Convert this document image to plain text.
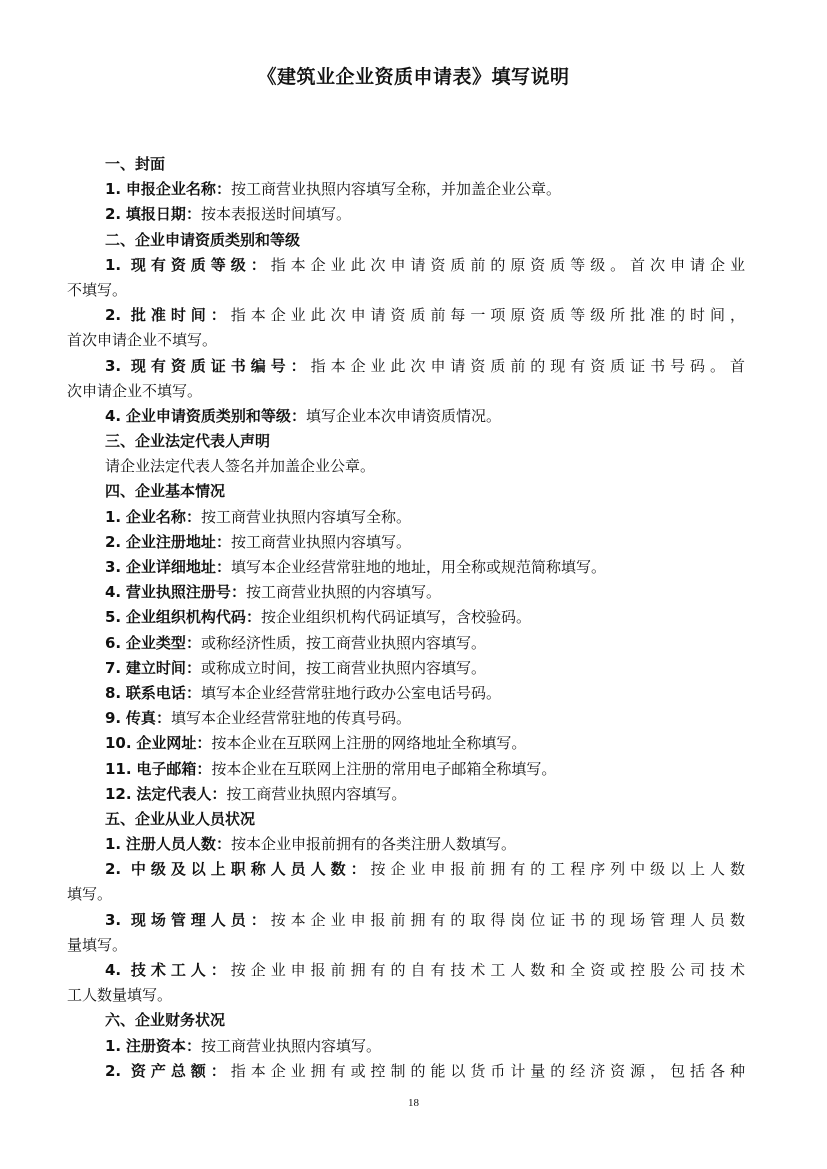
《建筑业企业资质申请表》填写说明
一、封面
1. 申报企业名称：按工商营业执照内容填写全称，并加盖企业公章。
2. 填报日期：按本表报送时间填写。
二、企业申请资质类别和等级
1. 现有资质等级：指本企业此次申请资质前的原资质等级。首次申请企业
不填写。
2. 批准时间：指本企业此次申请资质前每一项原资质等级所批准的时间，
首次申请企业不填写。
3. 现有资质证书编号：指本企业此次申请资质前的现有资质证书号码。首
次申请企业不填写。
4. 企业申请资质类别和等级：填写企业本次申请资质情况。
三、企业法定代表人声明
请企业法定代表人签名并加盖企业公章。
四、企业基本情况
1. 企业名称：按工商营业执照内容填写全称。
2. 企业注册地址：按工商营业执照内容填写。
3. 企业详细地址：填写本企业经营常驻地的地址，用全称或规范简称填写。
4. 营业执照注册号：按工商营业执照的内容填写。
5. 企业组织机构代码：按企业组织机构代码证填写，含校验码。
6. 企业类型：或称经济性质，按工商营业执照内容填写。
7. 建立时间：或称成立时间，按工商营业执照内容填写。
8. 联系电话：填写本企业经营常驻地行政办公室电话号码。
9. 传真：填写本企业经营常驻地的传真号码。
10. 企业网址：按本企业在互联网上注册的网络地址全称填写。
11. 电子邮箱：按本企业在互联网上注册的常用电子邮箱全称填写。
12. 法定代表人：按工商营业执照内容填写。
五、企业从业人员状况
1. 注册人员人数：按本企业申报前拥有的各类注册人数填写。
2. 中级及以上职称人员人数：按企业申报前拥有的工程序列中级以上人数
填写。
3. 现场管理人员：按本企业申报前拥有的取得岗位证书的现场管理人员数
量填写。
4. 技术工人：按企业申报前拥有的自有技术工人数和全资或控股公司技术
工人数量填写。
六、企业财务状况
1. 注册资本：按工商营业执照内容填写。
2. 资产总额：指本企业拥有或控制的能以货币计量的经济资源，包括各种
18
